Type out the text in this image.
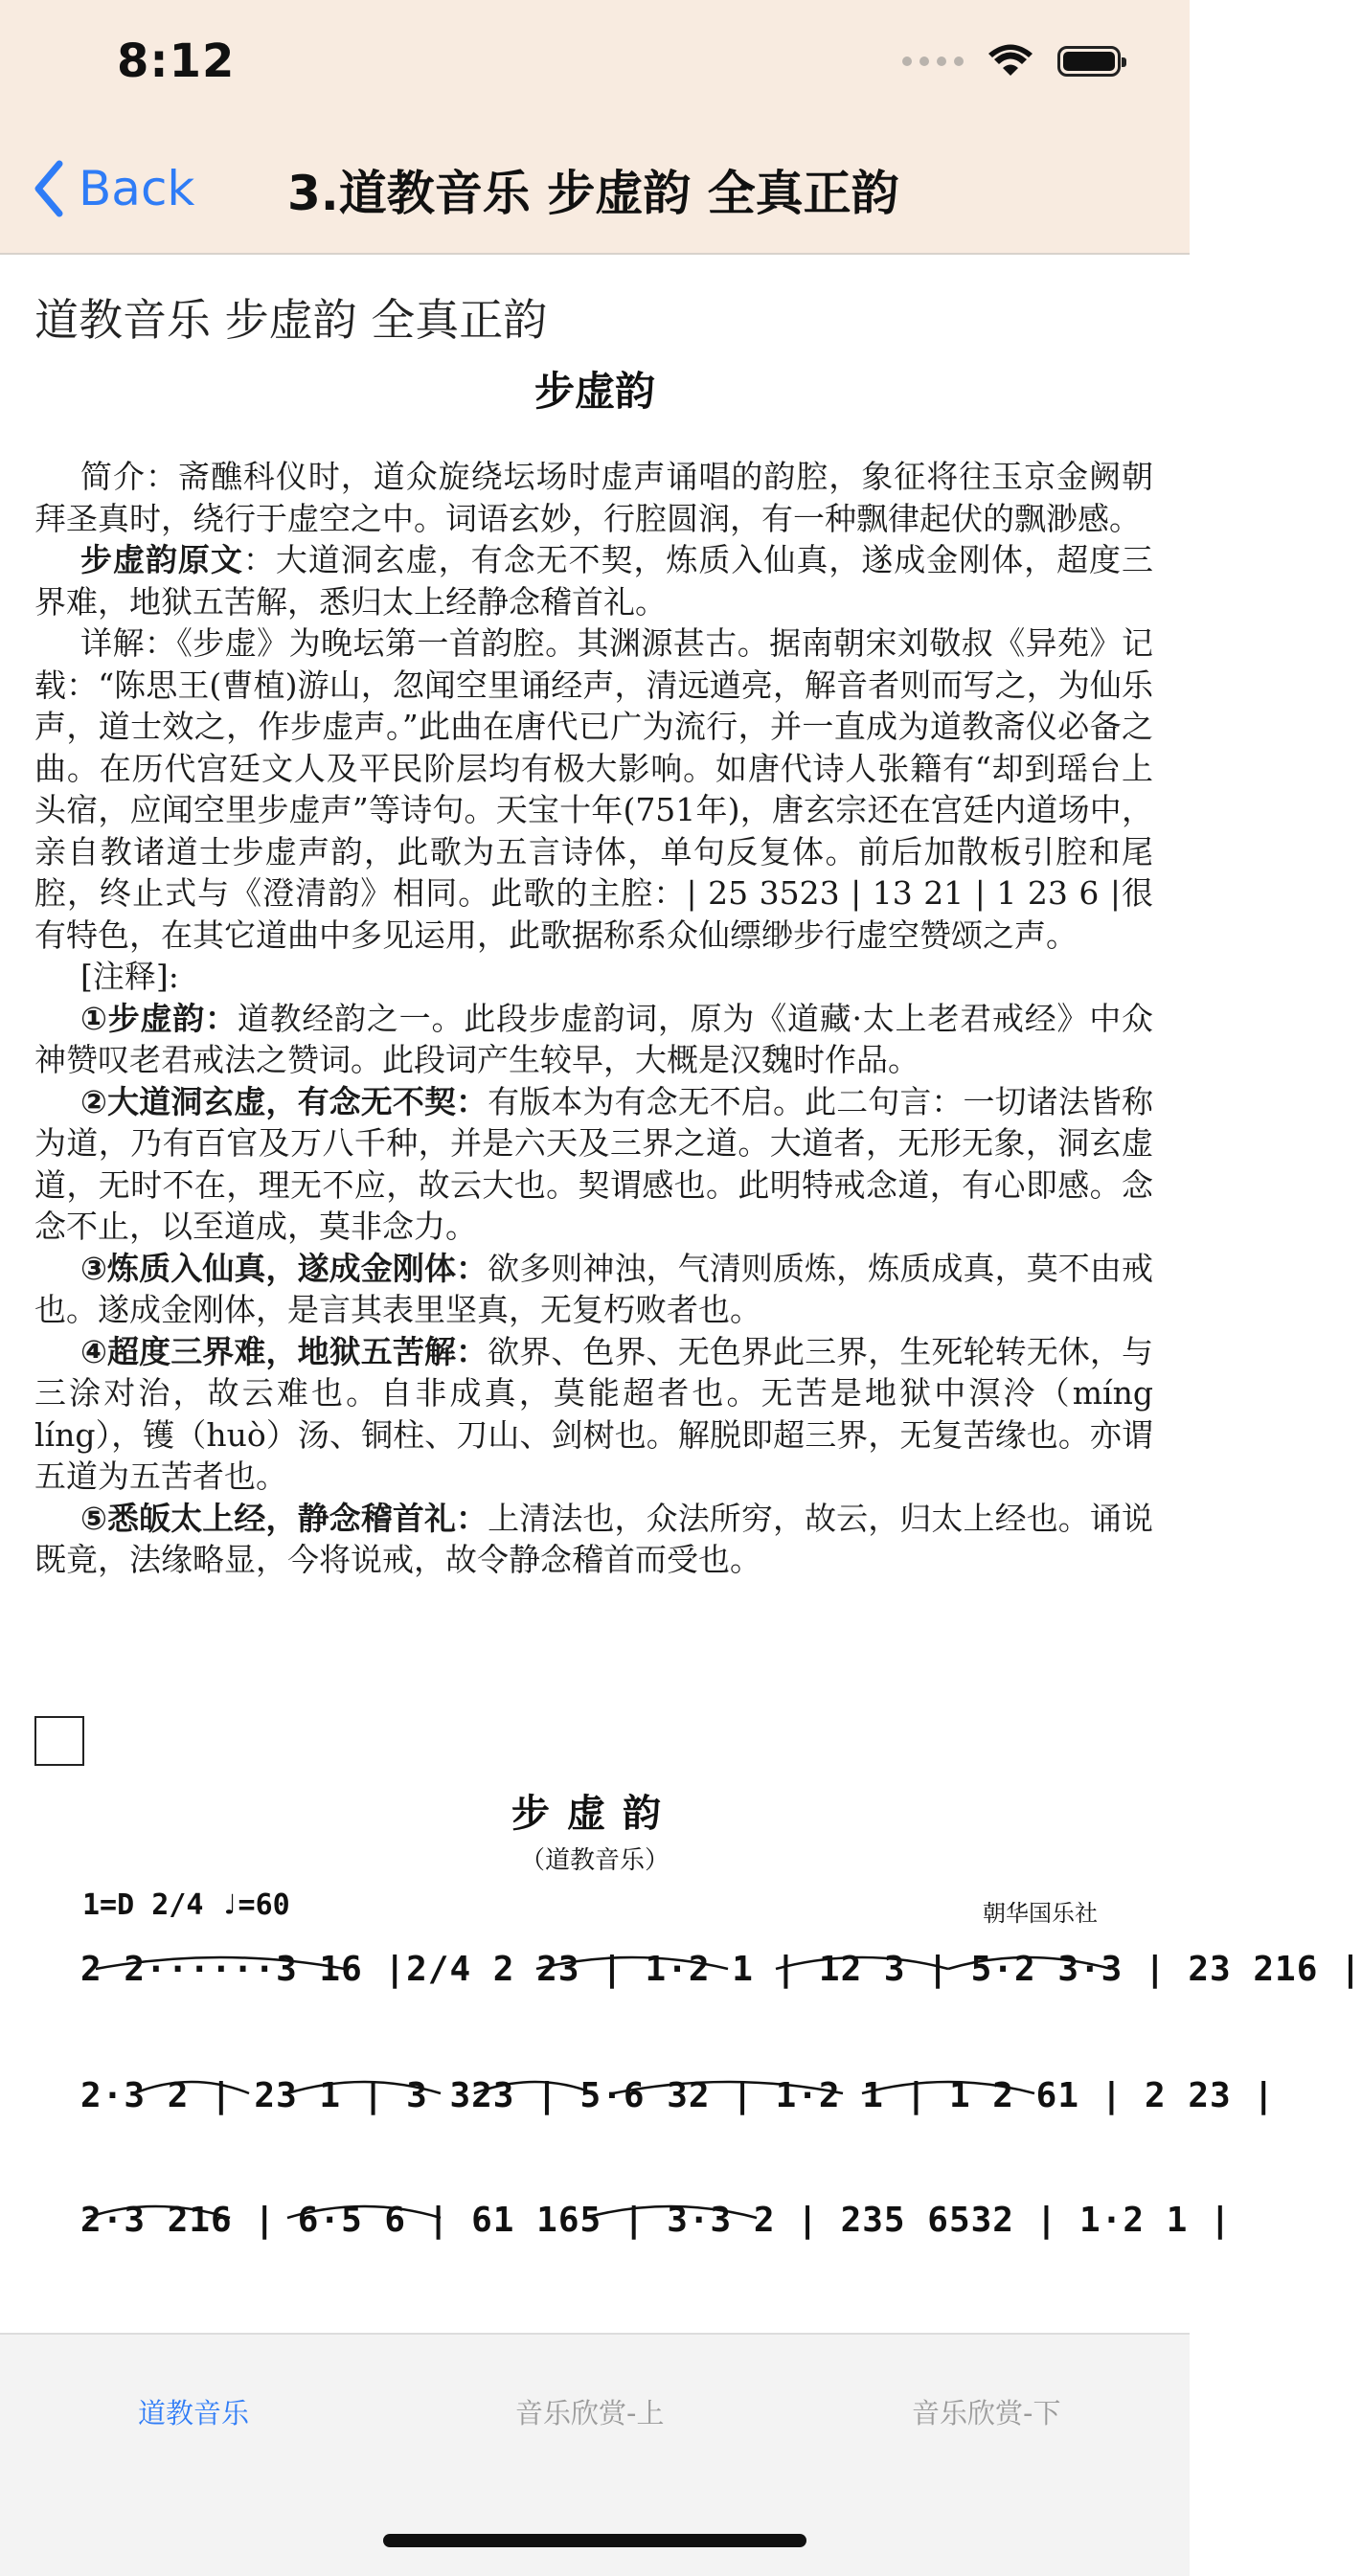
8:12
Back 3.道教音乐 步虚韵 全真正韵
道教音乐 步虚韵 全真正韵
步虚韵

简介：斋醮科仪时，道众旋绕坛场时虚声诵唱的韵腔，象征将往玉京金阙朝拜圣真时，绕行于虚空之中。词语玄妙，行腔圆润，有一种飘律起伏的飘渺感。

步虚韵原文：大道洞玄虚，有念无不契，炼质入仙真，遂成金刚体，超度三界难，地狱五苦解，悉归太上经静念稽首礼。

详解：《步虚》为晚坛第一首韵腔。其渊源甚古。据南朝宋刘敬叔《异苑》记载：“陈思王(曹植)游山，忽闻空里诵经声，清远遒亮，解音者则而写之，为仙乐声，道士效之，作步虚声。”此曲在唐代已广为流行，并一直成为道教斋仪必备之曲。在历代宫廷文人及平民阶层均有极大影响。如唐代诗人张籍有“却到瑶台上头宿，应闻空里步虚声”等诗句。天宝十年(751年)，唐玄宗还在宫廷内道场中，亲自教诸道士步虚声韵，此歌为五言诗体，单句反复体。前后加散板引腔和尾腔，终止式与《澄清韵》相同。此歌的主腔：| 25 3523 | 13 21 | 1 23 6 |很有特色，在其它道曲中多见运用，此歌据称系众仙缥缈步行虚空赞颂之声。

[注释]:

①步虚韵：道教经韵之一。此段步虚韵词，原为《道藏·太上老君戒经》中众神赞叹老君戒法之赞词。此段词产生较早，大概是汉魏时作品。

②大道洞玄虚，有念无不契：有版本为有念无不启。此二句言：一切诸法皆称为道，乃有百官及万八千种，并是六天及三界之道。大道者，无形无象，洞玄虚道，无时不在，理无不应，故云大也。契谓感也。此明特戒念道，有心即感。念念不止，以至道成，莫非念力。

③炼质入仙真，遂成金刚体：欲多则神浊，气清则质炼，炼质成真，莫不由戒也。遂成金刚体，是言其表里坚真，无复朽败者也。

④超度三界难，地狱五苦解：欲界、色界、无色界此三界，生死轮转无休，与三涂对治，故云难也。自非成真，莫能超者也。无苦是地狱中溟泠（míng líng），镬（huò）汤、铜柱、刀山、剑树也。解脱即超三界，无复苦缘也。亦谓五道为五苦者也。

⑤悉皈太上经，静念稽首礼：上清法也，众法所穷，故云，归太上经也。诵说既竟，法缘略显，今将说戒，故令静念稽首而受也。

步虚韵
（道教音乐）
1=D 2/4 ♩=60	朝华国乐社
2 2······3 16 |2/4 2 23 | 1·2 1 | 12 3 | 5·2 3·3 | 23 216 |
2·3 2 | 23 1 | 3 323 | 5·6 32 | 1·2 1 | 1 2 61 | 2 23 |
2·3 216 | 6·5 6 | 61 165 | 3·3 2 | 235 6532 | 1·2 1 |
道教音乐	音乐欣赏-上	音乐欣赏-下
